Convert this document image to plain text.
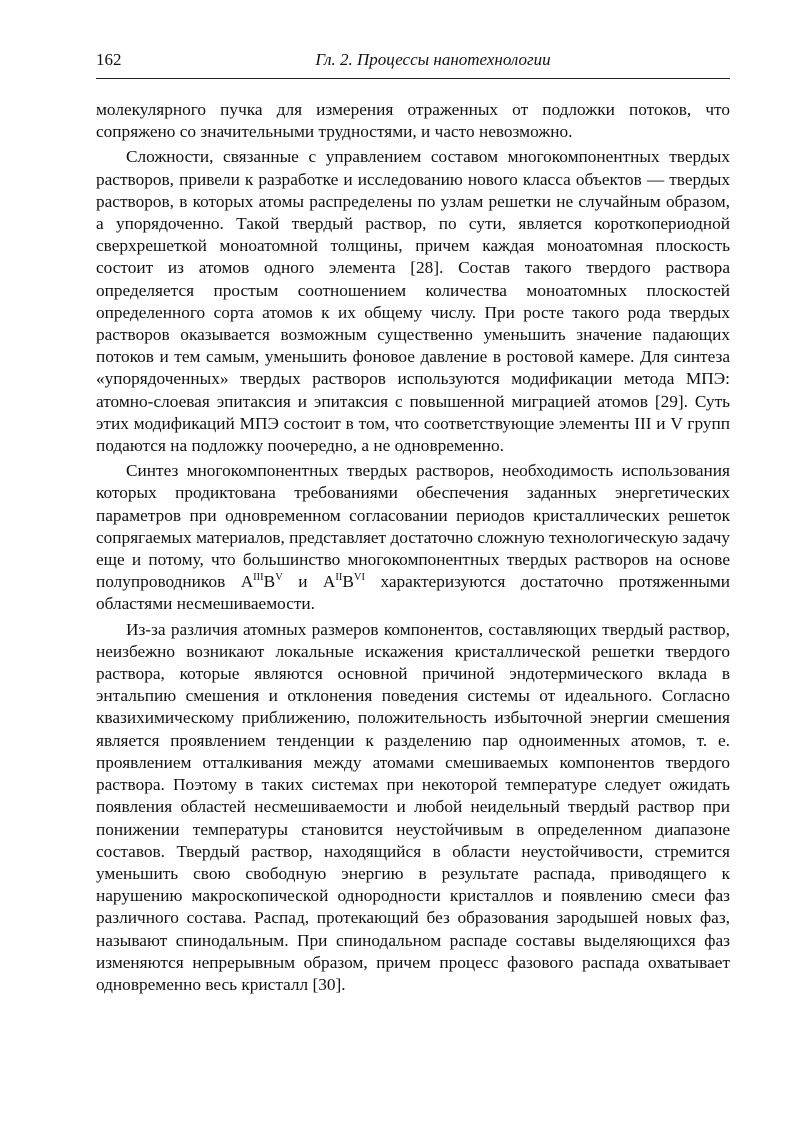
162	Гл. 2. Процессы нанотехнологии

молекулярного пучка для измерения отраженных от подложки потоков, что сопряжено со значительными трудностями, и часто невозможно.

Сложности, связанные с управлением составом многокомпонентных твердых растворов, привели к разработке и исследованию нового класса объектов — твердых растворов, в которых атомы распределены по узлам решетки не случайным образом, а упорядоченно. Такой твердый раствор, по сути, является короткопериодной сверхрешеткой моноатомной толщины, причем каждая моноатомная плоскость состоит из атомов одного элемента [28]. Состав такого твердого раствора определяется простым соотношением количества моноатомных плоскостей определенного сорта атомов к их общему числу. При росте такого рода твердых растворов оказывается возможным существенно уменьшить значение падающих потоков и тем самым, уменьшить фоновое давление в ростовой камере. Для синтеза «упорядоченных» твердых растворов используются модификации метода МПЭ: атомно-слоевая эпитаксия и эпитаксия с повышенной миграцией атомов [29]. Суть этих модификаций МПЭ состоит в том, что соответствующие элементы III и V групп подаются на подложку поочередно, а не одновременно.

Синтез многокомпонентных твердых растворов, необходимость использования которых продиктована требованиями обеспечения заданных энергетических параметров при одновременном согласовании периодов кристаллических решеток сопрягаемых материалов, представляет достаточно сложную технологическую задачу еще и потому, что большинство многокомпонентных твердых растворов на основе полупроводников $A^{III}B^V$ и $A^{II}B^{VI}$ характеризуются достаточно протяженными областями несмешиваемости.

Из-за различия атомных размеров компонентов, составляющих твердый раствор, неизбежно возникают локальные искажения кристаллической решетки твердого раствора, которые являются основной причиной эндотермического вклада в энтальпию смешения и отклонения поведения системы от идеального. Согласно квазихимическому приближению, положительность избыточной энергии смешения является проявлением тенденции к разделению пар одноименных атомов, т. е. проявлением отталкивания между атомами смешиваемых компонентов твердого раствора. Поэтому в таких системах при некоторой температуре следует ожидать появления областей несмешиваемости и любой неидельный твердый раствор при понижении температуры становится неустойчивым в определенном диапазоне составов. Твердый раствор, находящийся в области неустойчивости, стремится уменьшить свою свободную энергию в результате распада, приводящего к нарушению макроскопической однородности кристаллов и появлению смеси фаз различного состава. Распад, протекающий без образования зародышей новых фаз, называют спинодальным. При спинодальном распаде составы выделяющихся фаз изменяются непрерывным образом, причем процесс фазового распада охватывает одновременно весь кристалл [30].
